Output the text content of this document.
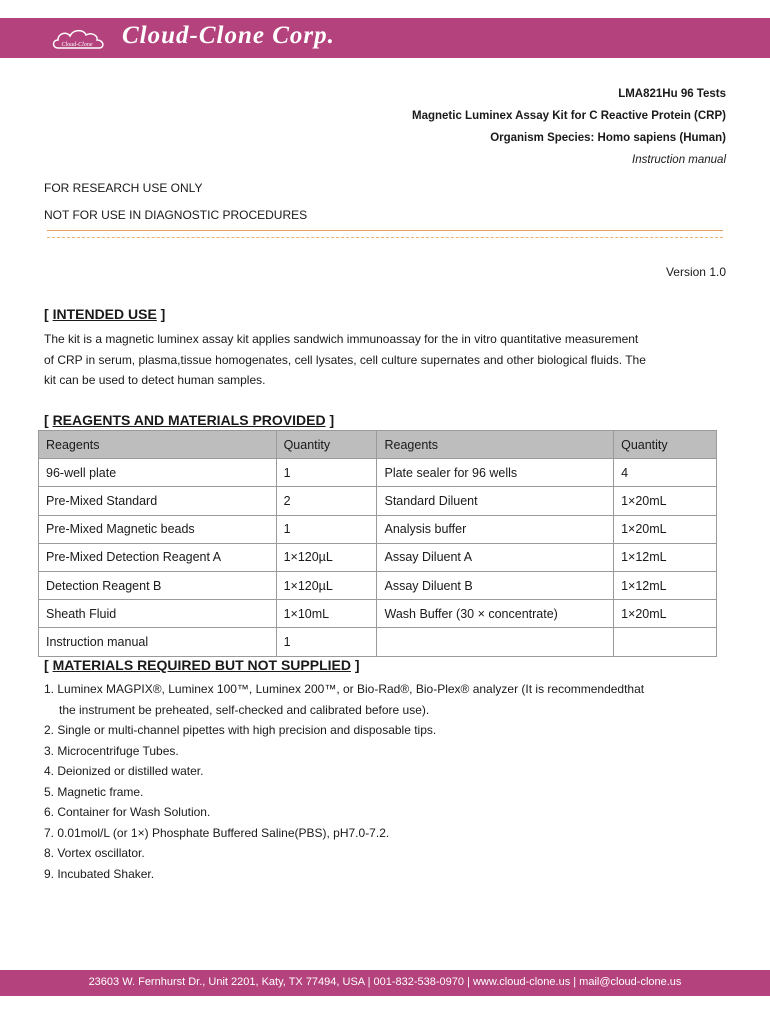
Cloud-Clone Cloud-Clone Corp.
LMA821Hu 96 Tests
Magnetic Luminex Assay Kit for C Reactive Protein (CRP)
Organism Species: Homo sapiens (Human)
Instruction manual
FOR RESEARCH USE ONLY
NOT FOR USE IN DIAGNOSTIC PROCEDURES
Version 1.0
[ INTENDED USE ]
The kit is a magnetic luminex assay kit applies sandwich immunoassay for the in vitro quantitative measurement
of CRP in serum, plasma,tissue homogenates, cell lysates, cell culture supernates and other biological fluids. The
kit can be used to detect human samples.
[ REAGENTS AND MATERIALS PROVIDED ]
Reagents	Quantity	Reagents	Quantity
96-well plate	1	Plate sealer for 96 wells	4
Pre-Mixed Standard	2	Standard Diluent	1×20mL
Pre-Mixed Magnetic beads	1	Analysis buffer	1×20mL
Pre-Mixed Detection Reagent A	1×120µL	Assay Diluent A	1×12mL
Detection Reagent B	1×120µL	Assay Diluent B	1×12mL
Sheath Fluid	1×10mL	Wash Buffer (30 × concentrate)	1×20mL
Instruction manual	1		
[ MATERIALS REQUIRED BUT NOT SUPPLIED ]
1. Luminex MAGPIX®, Luminex 100™, Luminex 200™, or Bio-Rad®, Bio-Plex® analyzer (It is recommendedthat
the instrument be preheated, self-checked and calibrated before use).
2. Single or multi-channel pipettes with high precision and disposable tips.
3. Microcentrifuge Tubes.
4. Deionized or distilled water.
5. Magnetic frame.
6. Container for Wash Solution.
7. 0.01mol/L (or 1×) Phosphate Buffered Saline(PBS), pH7.0-7.2.
8. Vortex oscillator.
9. Incubated Shaker.
23603 W. Fernhurst Dr., Unit 2201, Katy, TX 77494, USA | 001-832-538-0970 | www.cloud-clone.us | mail@cloud-clone.us
